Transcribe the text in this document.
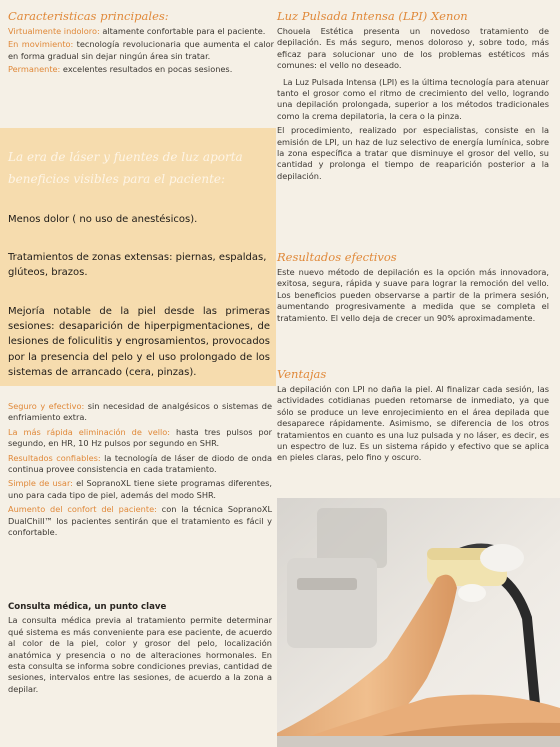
Caracteristicas principales:

Virtualmente indoloro: altamente confortable para el paciente.

En movimiento: tecnología revolucionaria que aumenta el calor en forma gradual sin dejar ningún área sin tratar.

Permanente: excelentes resultados en pocas sesiones.

La era de láser y fuentes de luz aporta beneficios visibles para el paciente:
Menos dolor ( no uso de anestésicos).
Tratamientos de zonas extensas: piernas, espaldas, glúteos, brazos.
Mejoría notable de la piel desde las primeras sesiones: desaparición de hiperpigmentaciones, de lesiones de foliculitis y engrosamientos, provocados por la presencia del pelo y el uso prolongado de los sistemas de arrancado (cera, pinzas).

Seguro y efectivo: sin necesidad de analgésicos o sistemas de enfriamiento extra.

La más rápida eliminación de vello: hasta tres pulsos por segundo, en HR, 10 Hz pulsos por segundo en SHR.

Resultados confiables: la tecnología de láser de diodo de onda continua provee consistencia en cada tratamiento.

Simple de usar: el SopranoXL tiene siete programas diferentes, uno para cada tipo de piel, además del modo SHR.

Aumento del confort del paciente: con la técnica SopranoXL DualChill™ los pacientes sentirán que el tratamiento es fácil y confortable.

Consulta médica, un punto clave

La consulta médica previa al tratamiento permite determinar qué sistema es más conveniente para ese paciente, de acuerdo al color de la piel, color y grosor del pelo, localización anatómica y presencia o no de alteraciones hormonales. En esta consulta se informa sobre condiciones previas, cantidad de sesiones, intervalos entre las sesiones, de acuerdo a la zona a depilar.

Luz Pulsada Intensa (LPI) Xenon

Chouela Estética presenta un novedoso tratamiento de depilación. Es más seguro, menos doloroso y, sobre todo, más eficaz para solucionar uno de los problemas estéticos más comunes: el vello no deseado.

La Luz Pulsada Intensa (LPI) es la última tecnología para atenuar tanto el grosor como el ritmo de crecimiento del vello, logrando una depilación prolongada, superior a los métodos tradicionales como la crema depilatoria, la cera o la pinza.

El procedimiento, realizado por especialistas, consiste en la emisión de LPI, un haz de luz selectivo de energía lumínica, sobre la zona específica a tratar que disminuye el grosor del vello, su cantidad y prolonga el tiempo de reaparición posterior a la depilación.

Resultados efectivos

Este nuevo método de depilación es la opción más innovadora, exitosa, segura, rápida y suave para lograr la remoción del vello. Los beneficios pueden observarse a partir de la primera sesión, aumentando progresivamente a medida que se completa el tratamiento. El vello deja de crecer un 90% aproximadamente.

Ventajas

La depilación con LPI no daña la piel. Al finalizar cada sesión, las actividades cotidianas pueden retomarse de inmediato, ya que sólo se produce un leve enrojecimiento en el área depilada que desaparece rápidamente. Asimismo, se diferencia de los otros tratamientos en cuanto es una luz pulsada y no láser, es decir, es un espectro de luz. Es un sistema rápido y efectivo que se aplica en pieles claras, pelo fino y oscuro.
